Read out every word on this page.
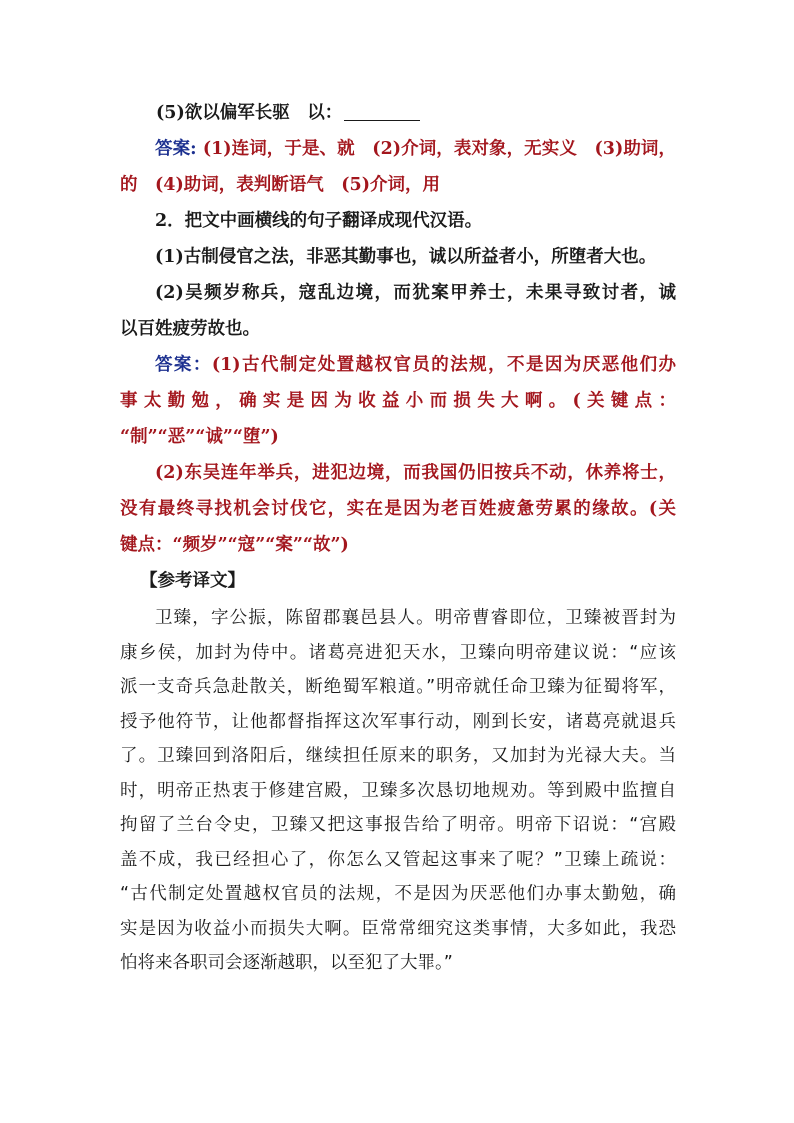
(5)欲以偏军长驱　以：
答案: (1)连词，于是、就　(2)介词，表对象，无实义　(3)助词，
的　(4)助词，表判断语气　(5)介词，用
2．把文中画横线的句子翻译成现代汉语。
(1)古制侵官之法，非恶其勤事也，诚以所益者小，所堕者大也。
(2)吴频岁称兵，寇乱边境，而犹案甲养士，未果寻致讨者，诚
以百姓疲劳故也。
答案：(1)古代制定处置越权官员的法规，不是因为厌恶他们办
事太勤勉，确实是因为收益小而损失大啊。(关键点：
“制”“恶”“诚”“堕”)
(2)东吴连年举兵，进犯边境，而我国仍旧按兵不动，休养将士，
没有最终寻找机会讨伐它，实在是因为老百姓疲惫劳累的缘故。(关
键点：“频岁”“寇”“案”“故”)
【参考译文】
卫臻，字公振，陈留郡襄邑县人。明帝曹睿即位，卫臻被晋封为
康乡侯，加封为侍中。诸葛亮进犯天水，卫臻向明帝建议说：“应该
派一支奇兵急赴散关，断绝蜀军粮道。”明帝就任命卫臻为征蜀将军，
授予他符节，让他都督指挥这次军事行动，刚到长安，诸葛亮就退兵
了。卫臻回到洛阳后，继续担任原来的职务，又加封为光禄大夫。当
时，明帝正热衷于修建宫殿，卫臻多次恳切地规劝。等到殿中监擅自
拘留了兰台令史，卫臻又把这事报告给了明帝。明帝下诏说：“宫殿
盖不成，我已经担心了，你怎么又管起这事来了呢？”卫臻上疏说：
“古代制定处置越权官员的法规，不是因为厌恶他们办事太勤勉，确
实是因为收益小而损失大啊。臣常常细究这类事情，大多如此，我恐
怕将来各职司会逐渐越职，以至犯了大罪。”
